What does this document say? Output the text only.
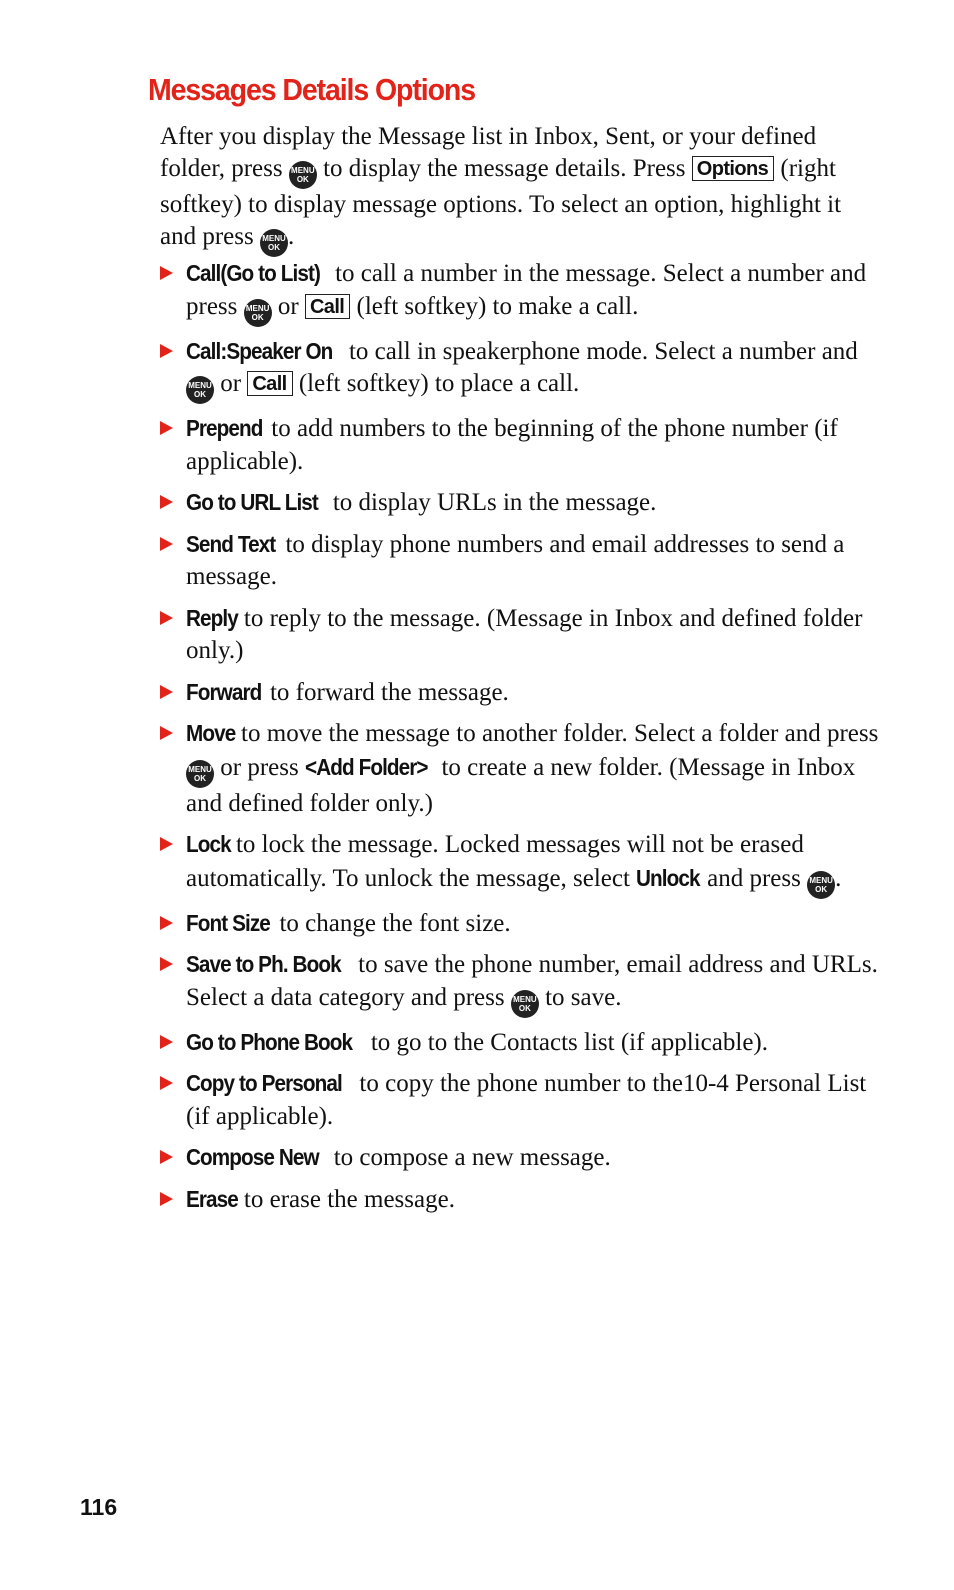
Messages Details Options

After you display the Message list in Inbox, Sent, or your defined folder, press MENU
OK to display the message details. Press Options (right softkey) to display message options. To select an option, highlight it and press MENU
OK .

Call(Go to List) to call a number in the message. Select a number and press MENU
OK or Call (left softkey) to make a call.
Call:Speaker On to call in speakerphone mode. Select a number and
MENU
OK or Call (left softkey) to place a call.
Prepend to add numbers to the beginning of the phone number (if applicable).
Go to URL List to display URLs in the message.
Send Text to display phone numbers and email addresses to send a message.
Reply to reply to the message. (Message in Inbox and defined folder only.)
Forward to forward the message.
Move to move the message to another folder. Select a folder and press
MENU
OK or press <Add Folder> to create a new folder. (Message in Inbox and defined folder only.)
Lock to lock the message. Locked messages will not be erased automatically. To unlock the message, select Unlock and press MENU
OK .
Font Size to change the font size.
Save to Ph. Book to save the phone number, email address and URLs. Select a data category and press MENU
OK to save.
Go to Phone Book to go to the Contacts list (if applicable).
Copy to Personal to copy the phone number to the10-4 Personal List (if applicable).
Compose New to compose a new message.
Erase to erase the message.

116
